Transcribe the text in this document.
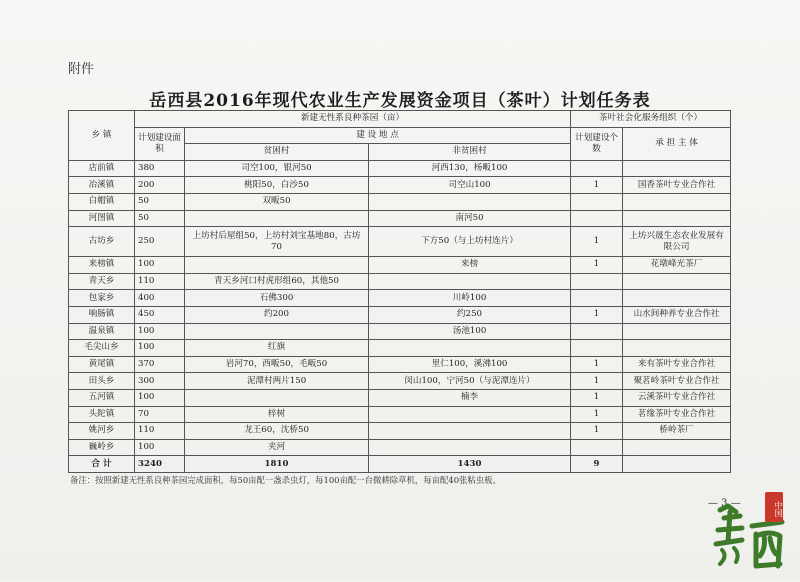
附件
岳西县2016年现代农业生产发展资金项目（茶叶）计划任务表
乡 镇	新建无性系良种茶园（亩）			茶叶社会化服务组织（个）	
	计划建设面积	建 设 地 点		计划建设个数	承 担 主 体
		贫困村	非贫困村		
店前镇	380	司空100，银河50	河西130，杨畈100		
冶溪镇	200	桃阳50，白沙50	司空山100	1	国香茶叶专业合作社
白帽镇	50	双畈50			
河图镇	50		南河50		
古坊乡	250	上坊村后屋组50，上坊村刘宝基地80，古坊70	下方50（与上坊村连片）	1	上坊兴晟生态农业发展有限公司
来榜镇	100		来榜	1	花墩峰光茶厂
青天乡	110	青天乡河口村虎形组60，其他50			
包家乡	400	石佛300	川岭100		
响肠镇	450	约200	约250	1	山水间种养专业合作社
温泉镇	100		汤池100		
毛尖山乡	100	红旗			
黄尾镇	370	岩河70，西畈50，毛畈50	里仁100，溪沸100	1	来有茶叶专业合作社
田头乡	300	泥潭村两片150	闵山100，宁河50（与泥潭连片）	1	聚茗岭茶叶专业合作社
五河镇	100		楠李	1	云溪茶叶专业合作社
头陀镇	70	梓树		1	茗缘茶叶专业合作社
姚河乡	110	龙王60，沈桥50		1	桥岭茶厂
巍岭乡	100	夹河			
合 计	3240	1810	1430	9	
备注：按照新建无性系良种茶园完成面积，每50亩配一盏杀虫灯，每100亩配一台微耕除草机，每亩配40张粘虫板。
— 3 —	中国
